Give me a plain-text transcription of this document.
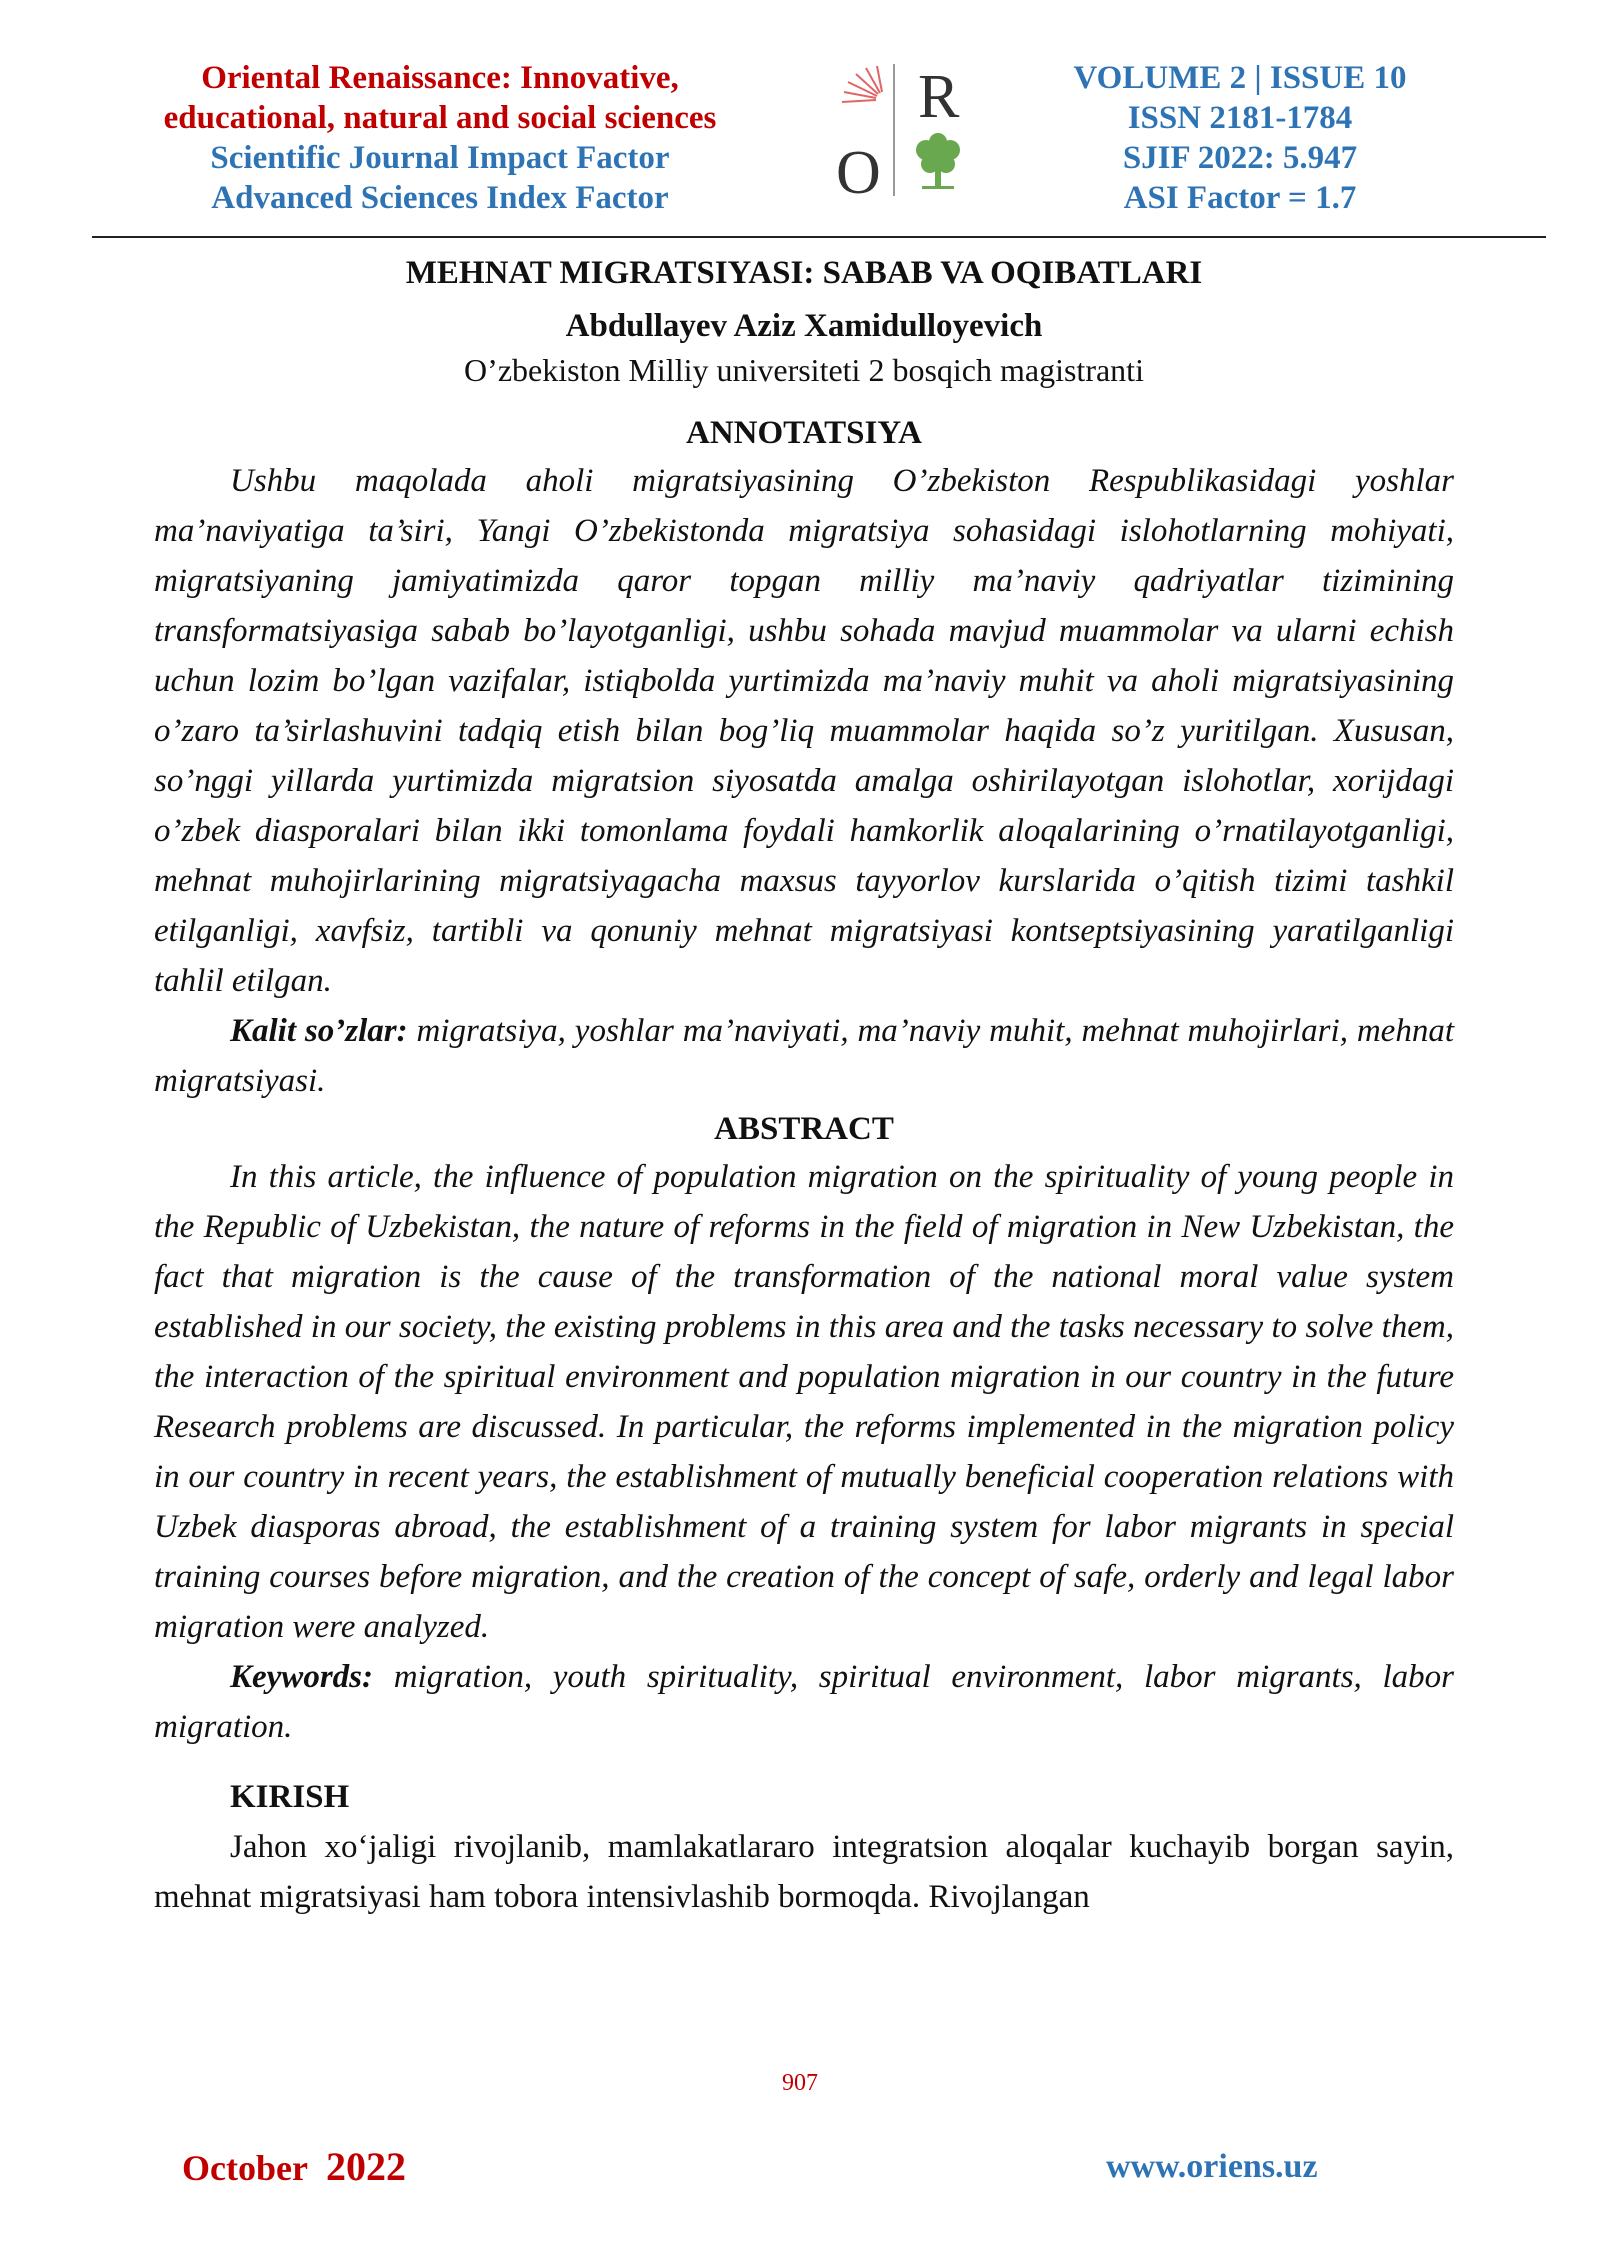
Oriental Renaissance: Innovative,
educational, natural and social sciences
Scientific Journal Impact Factor
Advanced Sciences Index Factor	O
R	VOLUME 2 | ISSUE 10
ISSN 2181-1784
SJIF 2022: 5.947
ASI Factor = 1.7

MEHNAT MIGRATSIYASI: SABAB VA OQIBATLARI

Abdullayev Aziz Xamidulloyevich

O’zbekiston Milliy universiteti 2 bosqich magistranti

ANNOTATSIYA

Ushbu maqolada aholi migratsiyasining O’zbekiston Respublikasidagi yoshlar ma’naviyatiga ta’siri, Yangi O’zbekistonda migratsiya sohasidagi islohotlarning mohiyati, migratsiyaning jamiyatimizda qaror topgan milliy ma’naviy qadriyatlar tizimining transformatsiyasiga sabab bo’layotganligi, ushbu sohada mavjud muammolar va ularni echish uchun lozim bo’lgan vazifalar, istiqbolda yurtimizda ma’naviy muhit va aholi migratsiyasining o’zaro ta’sirlashuvini tadqiq etish bilan bog’liq muammolar haqida so’z yuritilgan. Xususan, so’nggi yillarda yurtimizda migratsion siyosatda amalga oshirilayotgan islohotlar, xorijdagi o’zbek diasporalari bilan ikki tomonlama foydali hamkorlik aloqalarining o’rnatilayotganligi, mehnat muhojirlarining migratsiyagacha maxsus tayyorlov kurslarida o’qitish tizimi tashkil etilganligi, xavfsiz, tartibli va qonuniy mehnat migratsiyasi kontseptsiyasining yaratilganligi tahlil etilgan.

Kalit so’zlar: migratsiya, yoshlar ma’naviyati, ma’naviy muhit, mehnat muhojirlari, mehnat migratsiyasi.

ABSTRACT

In this article, the influence of population migration on the spirituality of young people in the Republic of Uzbekistan, the nature of reforms in the field of migration in New Uzbekistan, the fact that migration is the cause of the transformation of the national moral value system established in our society, the existing problems in this area and the tasks necessary to solve them, the interaction of the spiritual environment and population migration in our country in the future Research problems are discussed. In particular, the reforms implemented in the migration policy in our country in recent years, the establishment of mutually beneficial cooperation relations with Uzbek diasporas abroad, the establishment of a training system for labor migrants in special training courses before migration, and the creation of the concept of safe, orderly and legal labor migration were analyzed.

Keywords: migration, youth spirituality, spiritual environment, labor migrants, labor migration.

KIRISH

Jahon xo‘jaligi rivojlanib, mamlakatlararo integratsion aloqalar kuchayib borgan sayin, mehnat migratsiyasi ham tobora intensivlashib bormoqda. Rivojlangan

907
October 2022	www.oriens.uz
